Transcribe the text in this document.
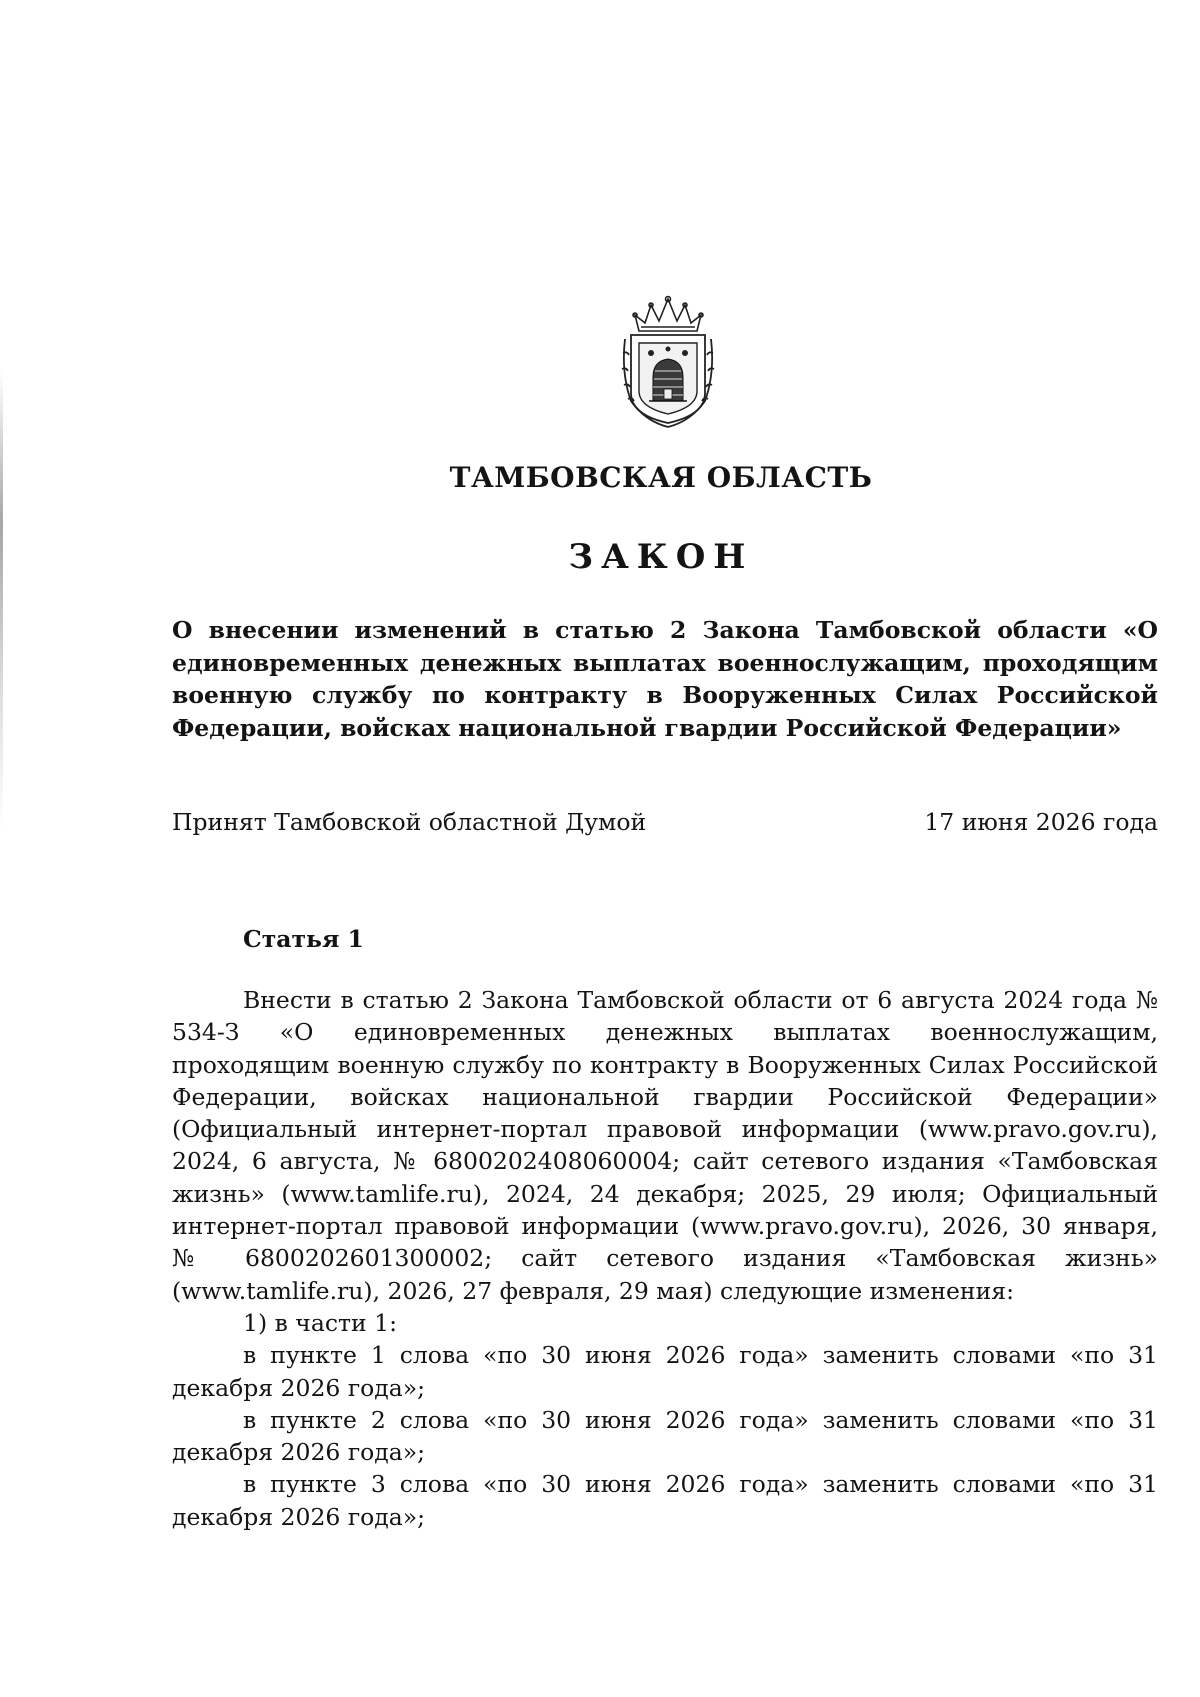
ТАМБОВСКАЯ ОБЛАСТЬ
ЗАКОН
О внесении изменений в статью 2 Закона Тамбовской области «О единовременных денежных выплатах военнослужащим, проходящим военную службу по контракту в Вооруженных Силах Российской Федерации, войсках национальной гвардии Российской Федерации»
Принят Тамбовской областной Думой	17 июня 2026 года
Статья 1

Внести в статью 2 Закона Тамбовской области от 6 августа 2024 года № 534-З «О единовременных денежных выплатах военнослужащим, проходящим военную службу по контракту в Вооруженных Силах Российской Федерации, войсках национальной гвардии Российской Федерации» (Официальный интернет-портал правовой информации (www.pravo.gov.ru), 2024, 6 августа, № 6800202408060004; сайт сетевого издания «Тамбовская жизнь» (www.tamlife.ru), 2024, 24 декабря; 2025, 29 июля; Официальный интернет-портал правовой информации (www.pravo.gov.ru), 2026, 30 января, № 6800202601300002; сайт сетевого издания «Тамбовская жизнь» (www.tamlife.ru), 2026, 27 февраля, 29 мая) следующие изменения:

1) в части 1:

в пункте 1 слова «по 30 июня 2026 года» заменить словами «по 31 декабря 2026 года»;

в пункте 2 слова «по 30 июня 2026 года» заменить словами «по 31 декабря 2026 года»;

в пункте 3 слова «по 30 июня 2026 года» заменить словами «по 31 декабря 2026 года»;
